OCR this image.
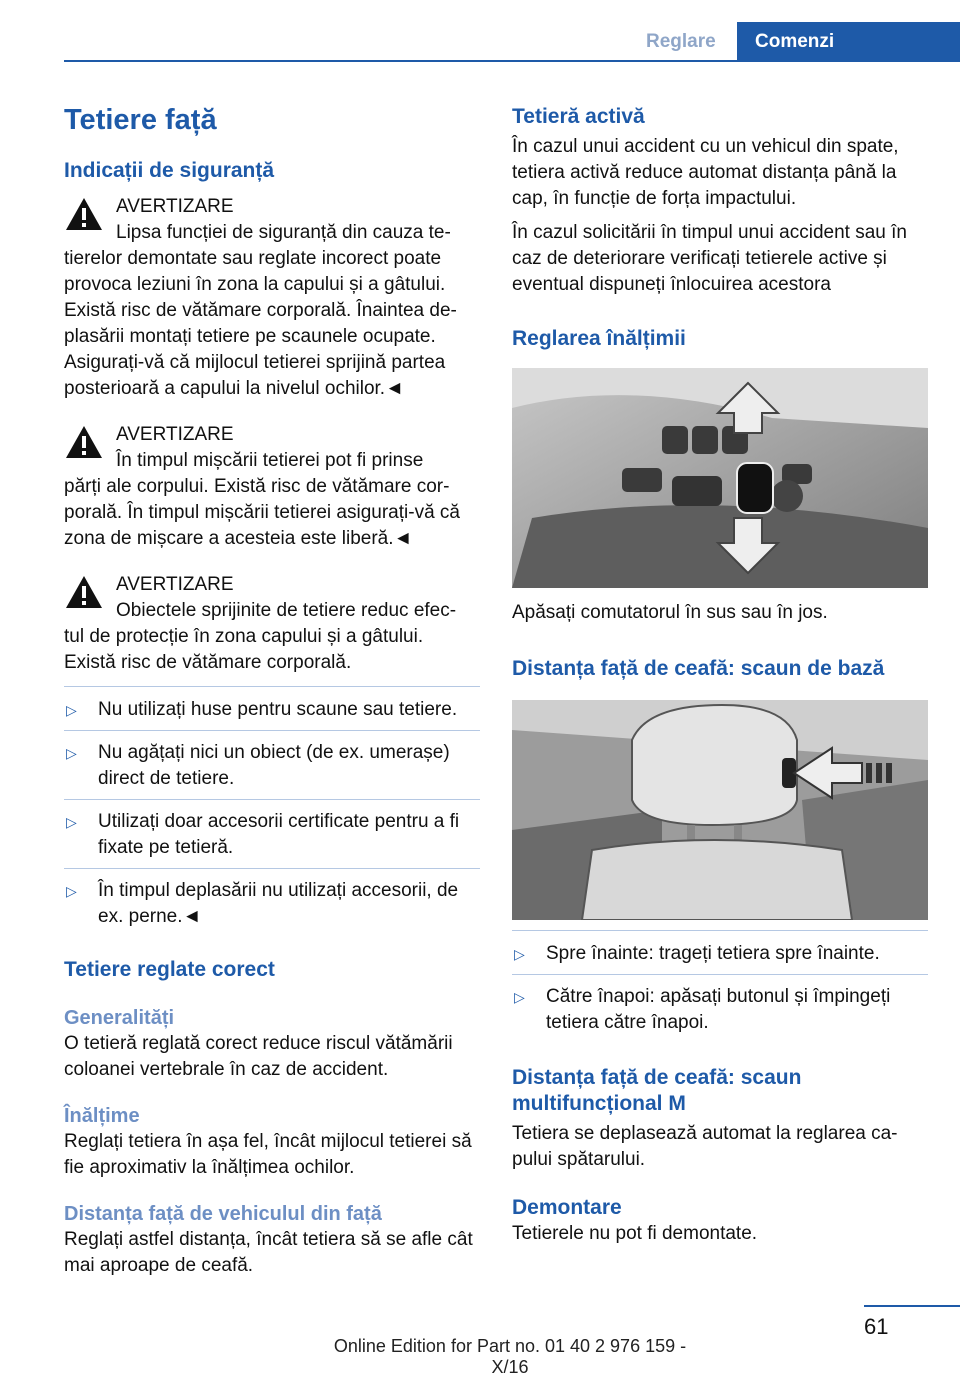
Reglare	Comenzi
Tetiere față
Indicații de siguranță

AVERTIZARE

Lipsa funcției de siguranță din cauza te-

tierelor demontate sau reglate incorect poate provoca leziuni în zona la capului și a gâtului. Există risc de vătămare corporală. Înaintea de-plasării montați tetiere pe scaunele ocupate. Asigurați-vă că mijlocul tetierei sprijină partea posterioară a capului la nivelul ochilor.◄

AVERTIZARE

În timpul mișcării tetierei pot fi prinse

părți ale corpului. Există risc de vătămare cor-porală. În timpul mișcării tetierei asigurați-vă că zona de mișcare a acesteia este liberă.◄

AVERTIZARE

Obiectele sprijinite de tetiere reduc efec-

tul de protecție în zona capului și a gâtului. Există risc de vătămare corporală.

▷ Nu utilizați huse pentru scaune sau tetiere.
▷ Nu agățați nici un obiect (de ex. umerașe) direct de tetiere.
▷ Utilizați doar accesorii certificate pentru a fi fixate pe tetieră.
▷ În timpul deplasării nu utilizați accesorii, de ex. perne.◄
Tetiere reglate corect
Generalități

O tetieră reglată corect reduce riscul vătămării coloanei vertebrale în caz de accident.

Înălțime

Reglați tetiera în așa fel, încât mijlocul tetierei să fie aproximativ la înălțimea ochilor.

Distanța față de vehiculul din față

Reglați astfel distanța, încât tetiera să se afle cât mai aproape de ceafă.

Tetieră activă

În cazul unui accident cu un vehicul din spate, tetiera activă reduce automat distanța până la cap, în funcție de forța impactului.

În cazul solicitării în timpul unui accident sau în caz de deteriorare verificați tetierele active și eventual dispuneți înlocuirea acestora

Reglarea înălțimii

Apăsați comutatorul în sus sau în jos.

Distanța față de ceafă: scaun de bază
▷ Spre înainte: trageți tetiera spre înainte.
▷ Către înapoi: apăsați butonul și împingeți tetiera către înapoi.
Distanța față de ceafă: scaun multifuncțional M

Tetiera se deplasează automat la reglarea ca-pului spătarului.

Demontare

Tetierele nu pot fi demontate.

61
Online Edition for Part no. 01 40 2 976 159 - X/16
